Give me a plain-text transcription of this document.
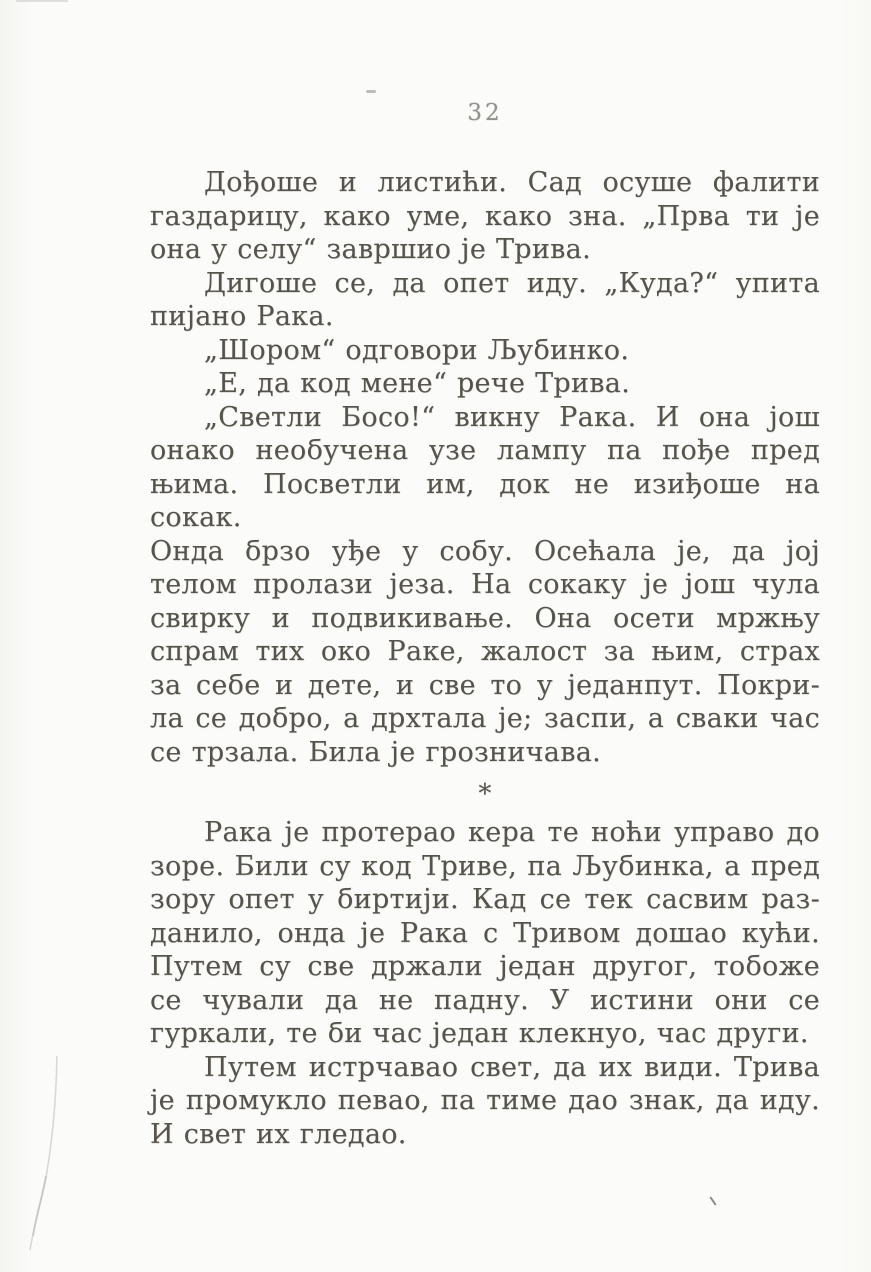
32

Дођоше и листићи. Сад осуше фалити
газдарицу, како уме, како зна. „Прва ти је
она у селу“ завршио је Трива.

Дигоше се, да опет иду. „Куда?“ упита
пијано Рака.

„Шором“ одговори Љубинко.

„Е, да код мене“ рече Трива.

„Светли Босо!“ викну Рака. И она још
онако необучена узе лампу па пође пред
њима. Посветли им, док не изиђоше на сокак.
Онда брзо уђе у собу. Осећала је, да јој
телом пролази језа. На сокаку је још чула
свирку и подвикивање. Она осети мржњу
спрам тих око Раке, жалост за њим, страх
за себе и дете, и све то у једанпут. Покри-
ла се добро, а дрхтала је; заспи, а сваки час
се трзала. Била је грозничава.

*

Рака је протерао кера те ноћи управо до
зоре. Били су код Триве, па Љубинка, а пред
зору опет у биртији. Кад се тек сасвим раз-
данило, онда је Рака с Тривом дошао кући.
Путем су све држали један другог, тобоже
се чували да не падну. У истини они се
гуркали, те би час један клекнуо, час други.

Путем истрчавао свет, да их види. Трива
је промукло певао, па тиме дао знак, да иду.
И свет их гледао.
